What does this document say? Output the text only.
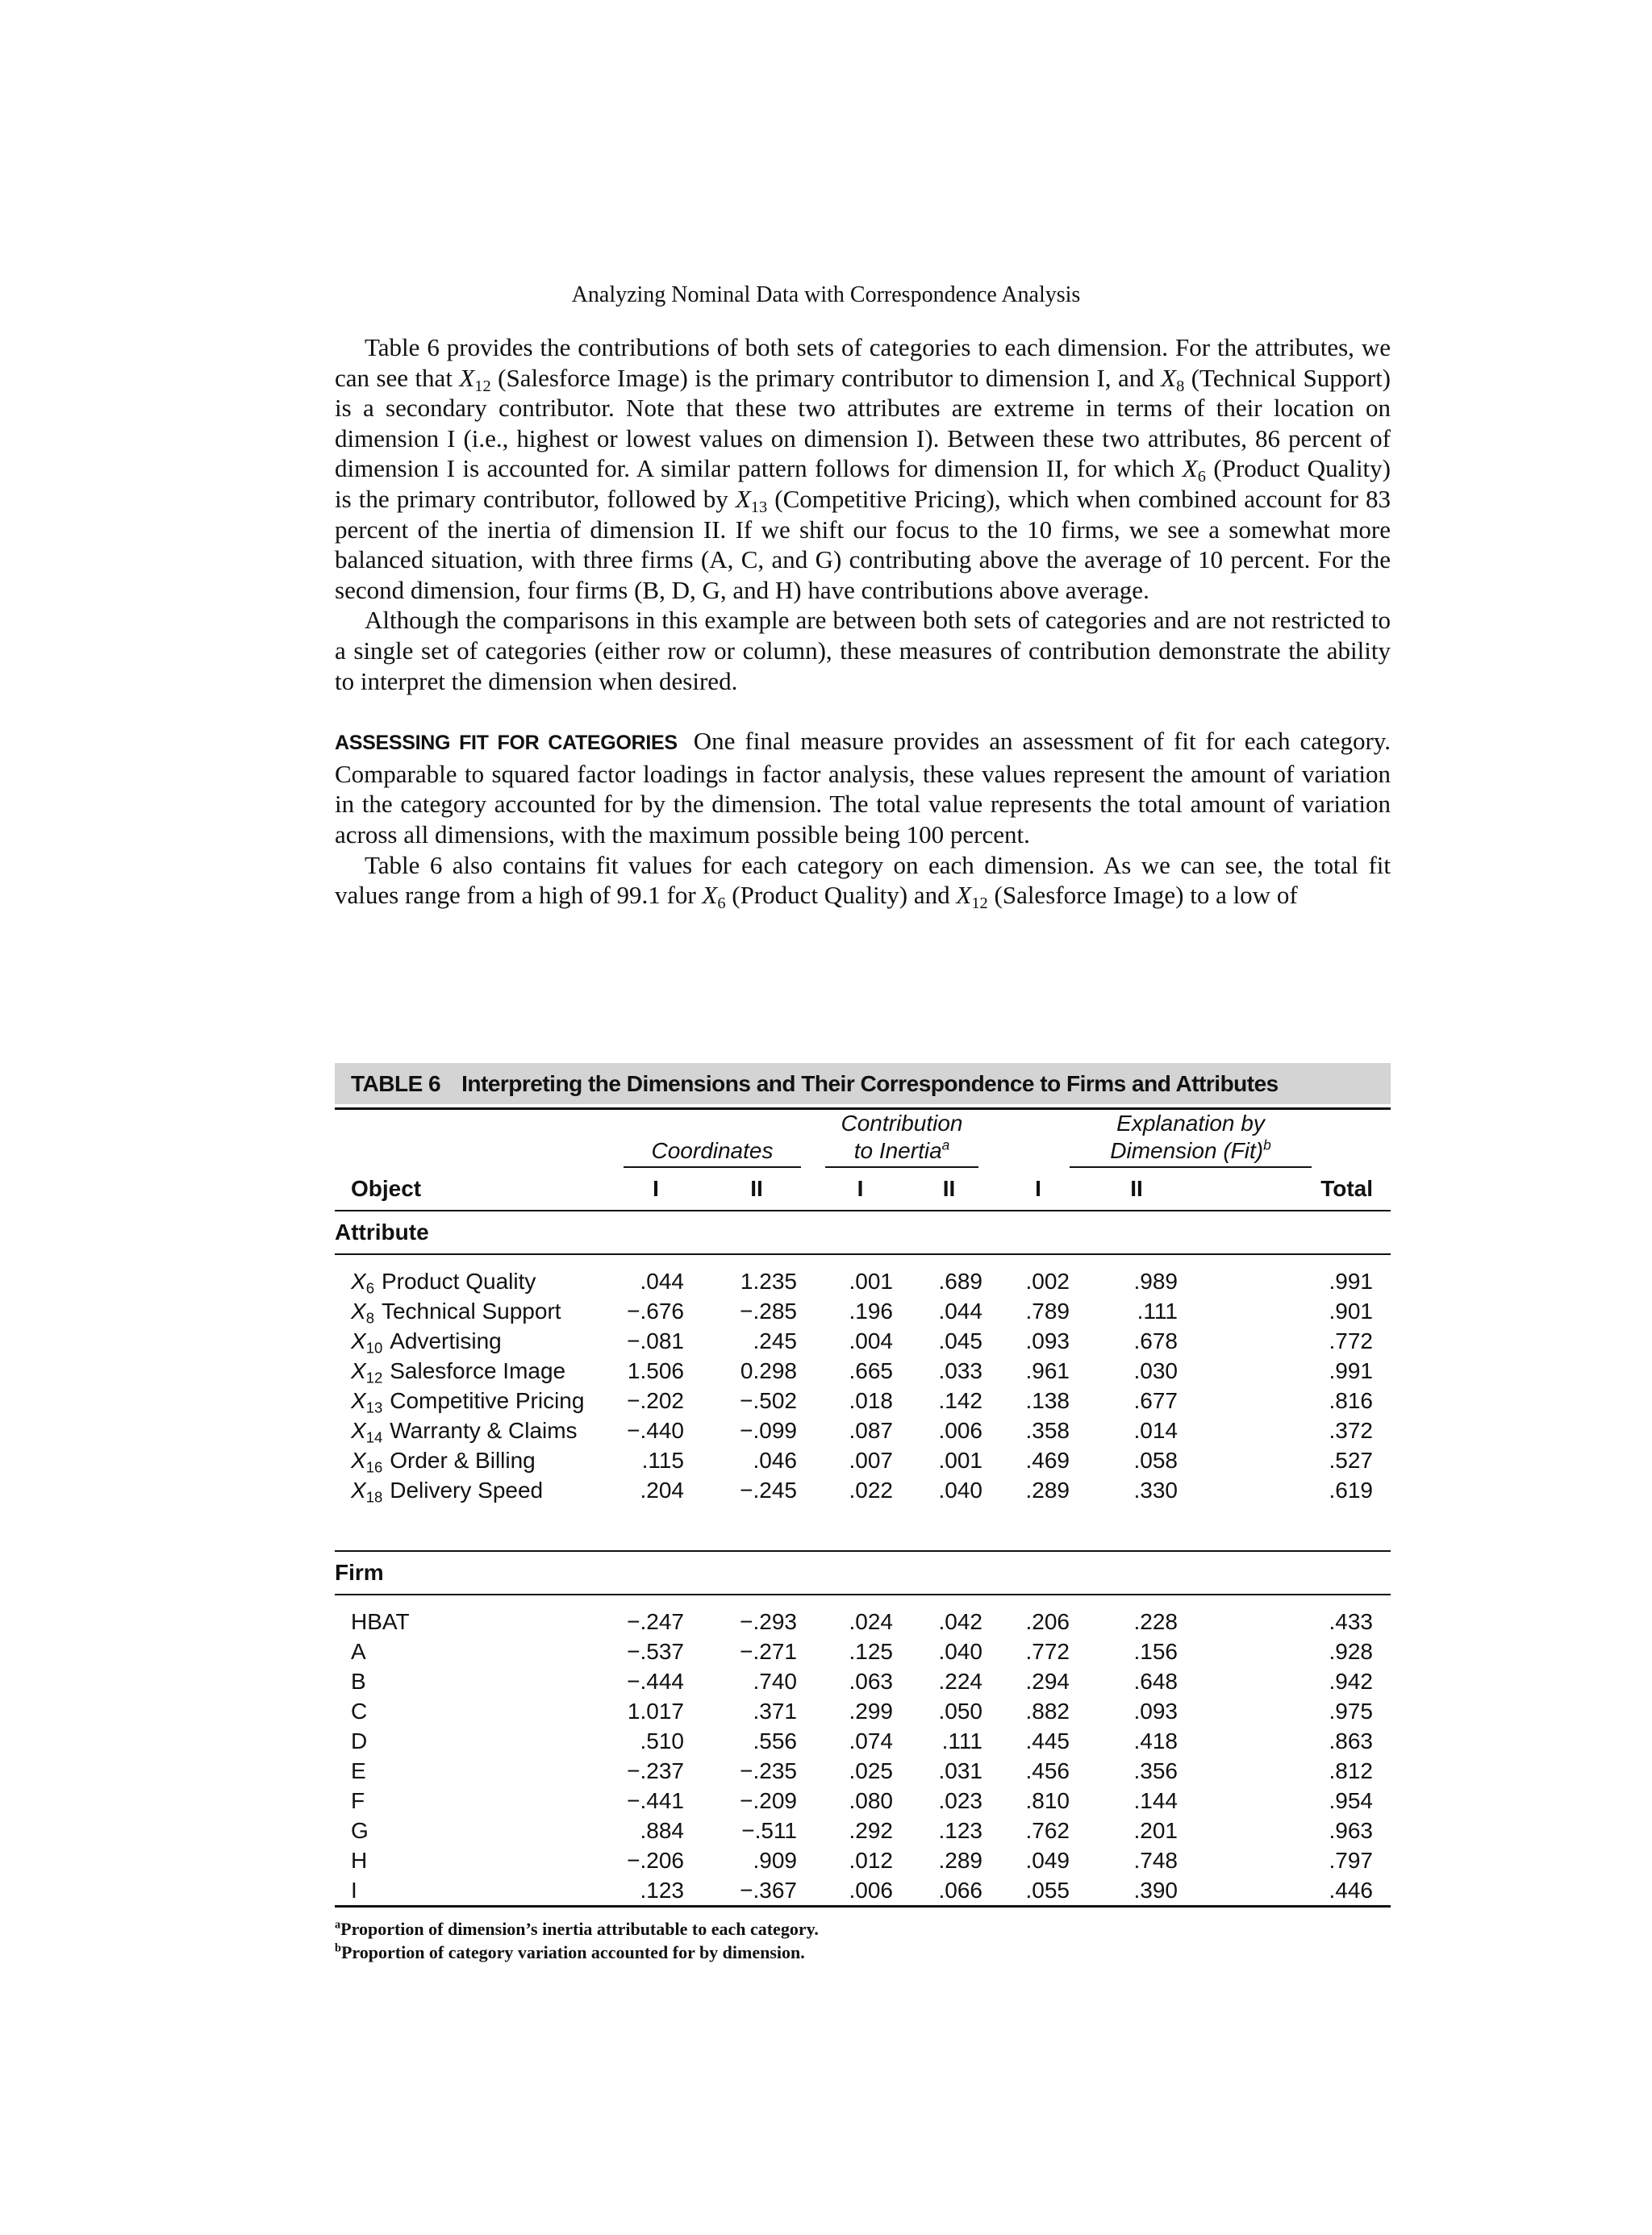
Analyzing Nominal Data with Correspondence Analysis

Table 6 provides the contributions of both sets of categories to each dimension. For the attributes, we can see that $X_{12}$ (Salesforce Image) is the primary contributor to dimension I, and $X_8$ (Technical Support) is a secondary contributor. Note that these two attributes are extreme in terms of their location on dimension I (i.e., highest or lowest values on dimension I). Between these two attributes, 86 percent of dimension I is accounted for. A similar pattern follows for dimension II, for which $X_6$ (Product Quality) is the primary contributor, followed by $X_{13}$ (Competitive Pricing), which when combined account for 83 percent of the inertia of dimension II. If we shift our focus to the 10 firms, we see a somewhat more balanced situation, with three firms (A, C, and G) contributing above the average of 10 percent. For the second dimension, four firms (B, D, G, and H) have contributions above average.

Although the comparisons in this example are between both sets of categories and are not restricted to a single set of categories (either row or column), these measures of contribution demonstrate the ability to interpret the dimension when desired.

ASSESSING FIT FOR CATEGORIES One final measure provides an assessment of fit for each category. Comparable to squared factor loadings in factor analysis, these values represent the amount of variation in the category accounted for by the dimension. The total value represents the total amount of variation across all dimensions, with the maximum possible being 100 percent.

Table 6 also contains fit values for each category on each dimension. As we can see, the total fit values range from a high of 99.1 for $X_6$ (Product Quality) and $X_{12}$ (Salesforce Image) to a low of

TABLE 6 Interpreting the Dimensions and Their Correspondence to Firms and Attributes
	Coordinates		Contribution
to Inertia$^a$		Explanation by
Dimension (Fit)$^b$
Object	I	II	I	II	I	II	Total
Attribute							

$X_6$ Product Quality	.044	1.235	.001	.689	.002	.989	.991
$X_8$ Technical Support	−.676	−.285	.196	.044	.789	.111	.901
$X_{10}$ Advertising	−.081	.245	.004	.045	.093	.678	.772
$X_{12}$ Salesforce Image	1.506	0.298	.665	.033	.961	.030	.991
$X_{13}$ Competitive Pricing	−.202	−.502	.018	.142	.138	.677	.816
$X_{14}$ Warranty & Claims	−.440	−.099	.087	.006	.358	.014	.372
$X_{16}$ Order & Billing	.115	.046	.007	.001	.469	.058	.527
$X_{18}$ Delivery Speed	.204	−.245	.022	.040	.289	.330	.619

Firm							

HBAT	−.247	−.293	.024	.042	.206	.228	.433
A	−.537	−.271	.125	.040	.772	.156	.928
B	−.444	.740	.063	.224	.294	.648	.942
C	1.017	.371	.299	.050	.882	.093	.975
D	.510	.556	.074	.111	.445	.418	.863
E	−.237	−.235	.025	.031	.456	.356	.812
F	−.441	−.209	.080	.023	.810	.144	.954
G	.884	−.511	.292	.123	.762	.201	.963
H	−.206	.909	.012	.289	.049	.748	.797
I	.123	−.367	.006	.066	.055	.390	.446
$^a$Proportion of dimension’s inertia attributable to each category.
$^b$Proportion of category variation accounted for by dimension.
